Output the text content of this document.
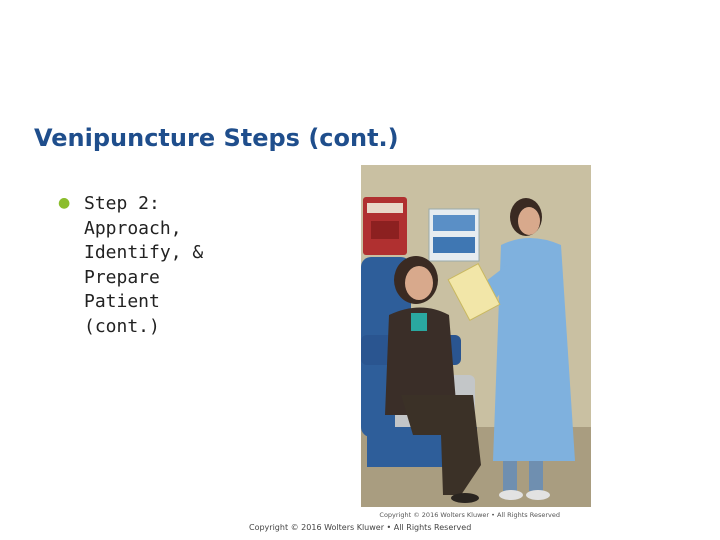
Venipuncture Steps (cont.)
● Step 2:
Approach,
Identify, &
Prepare
Patient
(cont.)
Copyright © 2016 Wolters Kluwer • All Rights Reserved
Copyright © 2016 Wolters Kluwer • All Rights Reserved
